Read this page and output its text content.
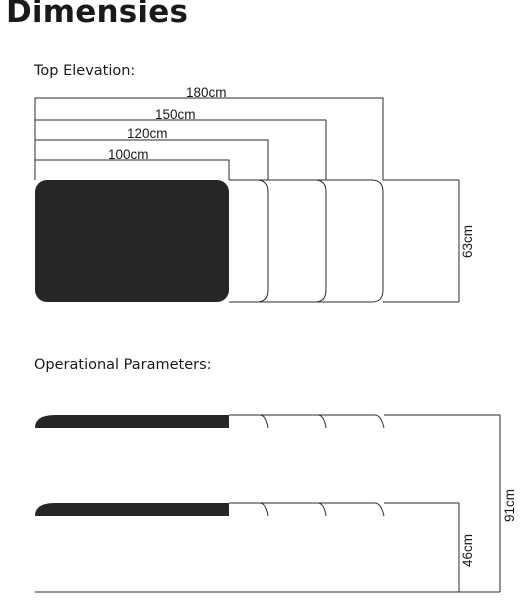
Dimensies
Top Elevation:
Operational Parameters:
180cm
150cm
120cm
100cm
63cm
91cm
46cm
